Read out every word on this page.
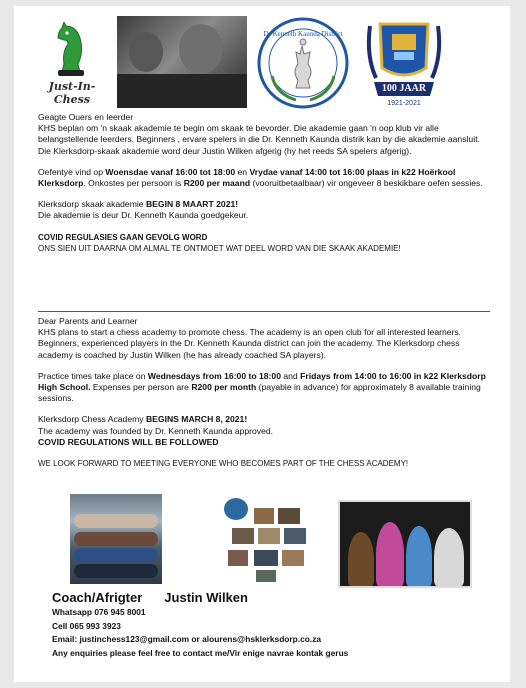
Just-In-Chess
Dr Kenneth Kaunda District
100 JAAR
1921-2021

Geagte Ouers en leerder

KHS beplan om 'n skaak akademie te begin om skaak te bevorder. Die akademie gaan 'n oop klub vir alle belangstellende leerders. Beginners , ervare spelers in die Dr. Kenneth Kaunda distrik kan by die akademie aansluit. Die Klerksdorp-skaak akademie word deur Justin Wilken afgerig (hy het reeds SA spelers afgerig).

Oefentye vind op Woensdae vanaf 16:00 tot 18:00 en Vrydae vanaf 14:00 tot 16:00 plaas in k22 Hoërkool Klerksdorp. Onkostes per persoon is R200 per maand (vooruitbetaalbaar) vir ongeveer 8 beskikbare oefen sessies.

Klerksdorp skaak akademie BEGIN 8 MAART 2021!
Die akademie is deur Dr. Kenneth Kaunda goedgekeur.

COVID REGULASIES GAAN GEVOLG WORD

ONS SIEN UIT DAARNA OM ALMAL TE ONTMOET WAT DEEL WORD VAN DIE SKAAK AKADEMIE!

Dear Parents and Learner

KHS plans to start a chess academy to promote chess. The academy is an open club for all interested learners. Beginners, experienced players in the Dr. Kenneth Kaunda district can join the academy. The Klerksdorp chess academy is coached by Justin Wilken (he has already coached SA players).

Practice times take place on Wednesdays from 16:00 to 18:00 and Fridays from 14:00 to 16:00 in k22 Klerksdorp High School. Expenses per person are R200 per month (payable in advance) for approximately 8 available training sessions.

Klerksdorp Chess Academy BEGINS MARCH 8, 2021!
The academy was founded by Dr. Kenneth Kaunda approved.
COVID REGULATIONS WILL BE FOLLOWED

WE LOOK FORWARD TO MEETING EVERYONE WHO BECOMES PART OF THE CHESS ACADEMY!

Coach/Afrigter Justin Wilken
Whatsapp 076 945 8001
Cell 065 993 3923
Email: justinchess123@gmail.com or alourens@hsklerksdorp.co.za
Any enquiries please feel free to contact me/Vir enige navrae kontak gerus
